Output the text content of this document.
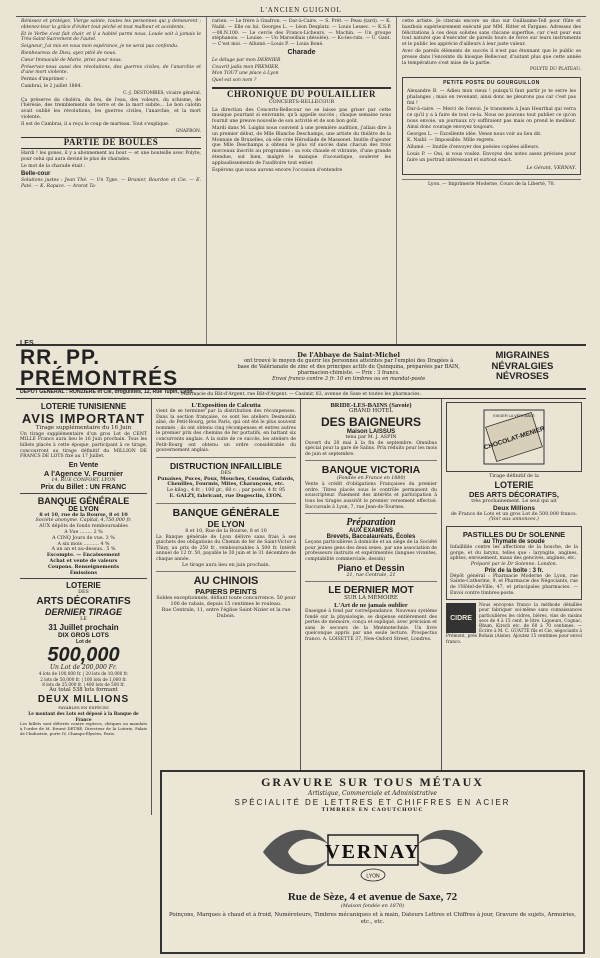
L'ANCIEN GUIGNOL

Bénissez et protégez, Vierge sainte, toutes les personnes qui y demeurent ; obtenez-leur la grâce d'éviter tout péché et tout malheur et accidents.

Et le Verbe s'est fait chair, et il a habité parmi nous. Louée soit à jamais le Très-Saint-Sacrement de l'autel.

Seigneur, j'ai mis en vous mon espérance, je ne serai pas confondu.

Bienheureux de Dieu, ayez pitié de nous.

Cœur Immaculé de Marie, priez pour nous.

Préservez-nous aussi des révolutions, des guerres civiles, de l'anarchie et d'une mort violente.

Permis d'imprimer :

Cambrai, le 2 juillet 1884.

C.-J. DESTOMBES, vicaire général.

Ça préserve du choléra, du feu, de l'eau, des voleurs, du schisme, de l'hérésie, des tremblements de terre et de la mort subite... Le bon calotin avait oublié les révolutions, les guerres civiles, l'anarchie, et la mort violente.

Il est de Cambrai, il a reçu le coup de marteau. Tout s'explique.

GNAFRON.
PARTIE DE BOULES

Hardi ! les gones, il y a abonnement au bout — et une bouteille avec Polyte, pour celui qui aura deviné le plus de charades.

Le mot de la charade était :

Belle-cour

Solutions justes : Jean Thé. — Un Type. — Brunier, Bourdon et Cie. — E. Paté. — K. Rapace. — Ararat Ta-

rarien. — Le frère à Gnafron. — Dar-à-Caire. — S. Prêt. — Peau (tard). — K. Naibl. — Elle ou lui. Georges L. — Léon Desplatz. — Louis Lessec. — K.S.P.—08.N.100. — Le cercle des Francs-Licheurs. — Machin. — Un groupe stéphanois. — Louise. — Un Marseillais (désolée). — Ko-les-rats. — U. Gant. — C'est moi. — Allumé.—Louis P. — Louis Boné.

Charade

Le déluge par mon DERNIER

Couvrit jadis mon PREMIER,

Mon TOUT une place à Lyon

Quel est son nom ?

CHRONIQUE DU POULAILLIER
CONCERTS-BELLECOUR

La direction des Concerts-Bellecour ne se laisse pas griser par cette musique pourtant si enivrante, qu'à appelle succès ; chaque semaine nous fournit une preuve nouvelle de son activité et de son bon goût.

Mardi dans M. Luigini nous convient à une première audition, j'allais dire à un premier début, de Mlle Blanche Deschamps, une artiste du théâtre de la Monnaie de Bruxelles, où elle crée Hérodiade de Massenet. Inutile d'ajouter que Mlle Deschamps a obtenu le plus vif succès dans chacun des trois morceaux inscrits au programme : sa voix chaude et vibrante, d'une grande étendue, sut bien, malgré le manque d'acoustique, soulever les applaudissements de l'auditoire tout entier.

Espérons que nous aurons encore l'occasion d'entendre

cette artiste. Je citerais encore un duo sur Guillaume-Tell pour flûte et hautbois supérieurement exécuté par MM. Ritter et Fargues. Adressez des félicitations à ces deux solistes sans chicane superflue, car c'est pour eux tout naturel que d'exécuter de pareils tours de force sur leurs instruments et le public les apprécie d'ailleurs à leur juste valeur.

Avec de pareils éléments de succès il n'est pas étonnant que le public se presse dans l'enceinte du kiosque Bellecour, d'autant plus que cette année la température s'est mise de la partie.

POLYTE DU PLATEAU.
PETITE POSTE DU GOURGUILLON

Alexandre B. — Adieu mon vieux ! puisqu'il faut partir je te serre les phalanges ; mais en revenant, ainsi donc ne pleurons pas car c'est pas fini !

Dar-à-caire. — Merci de l'envoi. Je transmets à Jean Heurthal qui verra ce qu'il y a à faire de tout ce-la. Nous ne pouvons tout publier ce qu'on nous envoie, un journaux n'y suffiraient pas mais on prend le meilleur. Ainsi donc courage envoyez toujours.

Georges L. — Excellente idée. Venez nous voir au lieu dit.

K. Naibl. — Impossible. Mille regrets.

Allumé. — Inutile d'envoyer des poésies copiées ailleurs.

Louis P. — Oui, si vous voulez. Envoyez des notes assez précises pour faire un portrait intéressant et surtout exact.

Le Gérant, VERNAY.
Lyon. — Imprimerie Moderne, Cours de la Liberté, 70.
LES
RR. PP. PRÉMONTRÉS
DÉPÔT GÉNÉRAL : RONZIÈRE et Cie, droguistes, 12, Rue Tupin, Lyon
De l'Abbaye de Saint-Michel
ont trouvé le moyen de guérir les personnes atteintes par l'emploi des Dragées à base de Valérianate de zinc et des principes actifs du Quinquina, préparées par BAIN, pharmacien-chimiste. — Prix : 3 francs.
Envoi franco contre 3 fr. 10 en timbres ou en mandat-poste
MIGRAINES
NÉVRALGIES
NÉVROSES
Pharmacie du Bât-d'Argent, rue Bât-d'Argent. — Casimir, 83, avenue de Saxe et toutes les pharmacies.
LOTERIE TUNISIENNE
AVIS IMPORTANT
Tirage supplémentaire du 16 Juin
Un tirage supplémentaire d'un gros Lot de CENT MILLE Francs aura lieu le 16 Juin prochain. Tous les billets placés à cette époque, participant à ce tirage, concourront au tirage définitif du MILLION DE FRANCS DE LOTS fixé au 17 Juillet.
En Vente
A l'Agence V. Fournier
14, RUE CONFORT, LYON
Prix du Billet : UN FRANC
BANQUE GÉNÉRALE
DE LYON
8 et 10, rue de la Bourse, 8 et 10
Société anonyme. Capital, 4,750,000 fr.
AUX dépôts de fonds remboursables
A Vue ........ 2 %
A CINQ Jours de vue. 3 %
A six mois .......... 4 %
A un an et au-dessus.. 5 %
Escompte. — Encaissement
Achat et vente de valeurs
Coupons. Renseignements
Émissions
LOTERIE
DES
ARTS DÉCORATIFS
DERNIER TIRAGE
LE
31 Juillet prochain
DIX GROS LOTS
Lot de
500,000
Un Lot de 200,000 Fr.
4 lots de 100,000 fr. | 20 lots de 10,000 fr.
2 lots de 50,000 fr. | 100 lots de 1,000 fr.
8 lots de 25,000 fr. | 400 lots de 500 fr.
Au total 538 lots formant
DEUX MILLIONS
PAYABLES EN ESPÈCES
Le montant des Lots est déposé à la Banque de France
Les billets sont délivrés contre espèces, chèques ou mandats à l'ordre de M. Ernest DETRÉ, Directeur de la Loterie, Palais de l'Industrie, porte IV, Champs-Élysées, Paris.
L'Exposition de Calcutta
vient de se terminer par la distribution des récompenses. Dans la section française, ce sont les ateliers Desmoulin aîné, de Petit-Bourg, près Paris, qui ont été le plus souvent nommés ; ils ont obtenu cinq récompenses et entres autres le premier prix des chemins de fer portatifs, en battant six concurrents anglais. A la suite de ce succès, les ateliers de Petit-Bourg ont obtenu un ordre considérable du gouvernement anglais.
DISTRUCTION INFAILLIBLE
DES
Punaises, Puces, Poux, Mouches, Cousins, Cafards, Chenilles, Fourmis, Mites, Charançons, etc.
Le kilog., 4 fr. ; 100 gr., 60 c. ; par poste, 4 fr. 95
E. GALZY, fabricant, rue Dugesclin, LYON.
BANQUE GÉNÉRALE
DE LYON
8 et 10, Rue de la Bourse, 8 et 10
La Banque générale de Lyon délivre sans frais à ses guichets des obligations du Chemin de fer de Saint-Victor à Thizy, au prix de 250 fr., remboursables à 500 fr. Intérêt annuel de 12 fr. 50, payable le 30 juin et le 31 décembre de chaque année.
Le tirage aura lieu en juin prochain.
AU CHINOIS
PAPIERS PEINTS
Soldes exceptionnels, défiant toute concurrence. 50 pour 100 de rabais, depuis 15 centimes le rouleau.
Rue Centrale, 11, entre l'église Saint-Nizier et la rue Dubois.
BRIDE-LES-BAINS (Savoie)
GRAND HOTEL
DES BAIGNEURS
Maison LAISSUS
tenu par M. J. ASPIN
Ouvert du 20 mai à la fin de septembre. Omnibus spécial pour la gare de Salins. Prix réduits pour les mois de juin et septembre.
BANQUE VICTORIA
(Fondée en France en 1880)
Vente à crédit d'obligations Françaises du premier ordre. Titres placés sous le contrôle permanent du souscripteur. Paiement des intérêts et participation à tous les tirages aussitôt le premier versement effectué. Succursale à Lyon, 7, rue Jean-de-Tournes.
Préparation
AUX EXAMENS
Brevets, Baccalauréats, Écoles
Leçons particulières à domicile et au siège de la Société pour jeunes gens des deux sexes, par une association de professeurs instruits et expérimentés (langues vivantes, comptabilité commerciale, dessin)
Piano et Dessin
21, rue Centrale, 21
LE DERNIER MOT
SUR LA MÉMOIRE
L'Art de ne jamais oublier
Enseigné à fond par correspondance. Nouveau système fondé sur la physiologie, se dispense entièrement des pertes de mémoire, conçu et expliqué, avec précision et sans le secours de la Mnémotechnie. Un livre quelconque appris par une seule lecture. Prospectus franco. A. LOISETTE 37, New-Oxford Street, Londres.
CHOCOLAT-MENIER
EXIGER LA VÉRITABLE
Tirage définitif de la
LOTERIE
DES ARTS DÉCORATIFS,
très prochainement. Le seul qui ait
Deux Millions
de Francs de Lots et un gros Lot de 500,000 francs.
(Voir aux annonces.)
PASTILLES DU Dr SOLENNE
au Thymate de soude
Infaillible contre les affections de la bouche, de la gorge, et du larynx, telles que : laryngite, angines, aphtes, enrouement, maux des gencives, angines, etc.
Préparé par le Dr Solenne, London.
Prix de la boîte : 3 fr.
Dépôt général : Pharmacie Moderne de Lyon, rue Sainte-Catherine, 9, et Pharmacie des Négociants, rue de l'Hôtel-de-Ville, 47, et principales pharmacies. — Envoi contre timbres-poste.
CIDRE
Nous envoyons franco la méthode détaillée pour fabriquer soi-même sans connaissances particulières les cidres, bières, vins de raisins secs de 4 à 15 cent. le litre. Liqueurs, Cognac, Rhum, Kirsch etc. de 60 à 70 centimes. — Écrire à M. C. GUATTE fils et Cie, négociants à Prémont, près Rohaix (Aisne). Ajoutez 15 centimes pour envoi franco.
GRAVURE SUR TOUS MÉTAUX
Artistique, Commerciale et Administrative
SPÉCIALITÉ DE LETTRES ET CHIFFRES EN ACIER
TIMBRES EN CAOUTCHOUC
VERNAY
LYON
Rue de Sèze, 4 et avenue de Saxe, 72
(Maison fondée en 1870)
Poinçons, Marques à chaud et à froid, Numéroteurs, Timbres mécaniques et à main, Dateurs Lettres et Chiffres à jour, Gravure de sujets, Armoiries, etc., etc.
